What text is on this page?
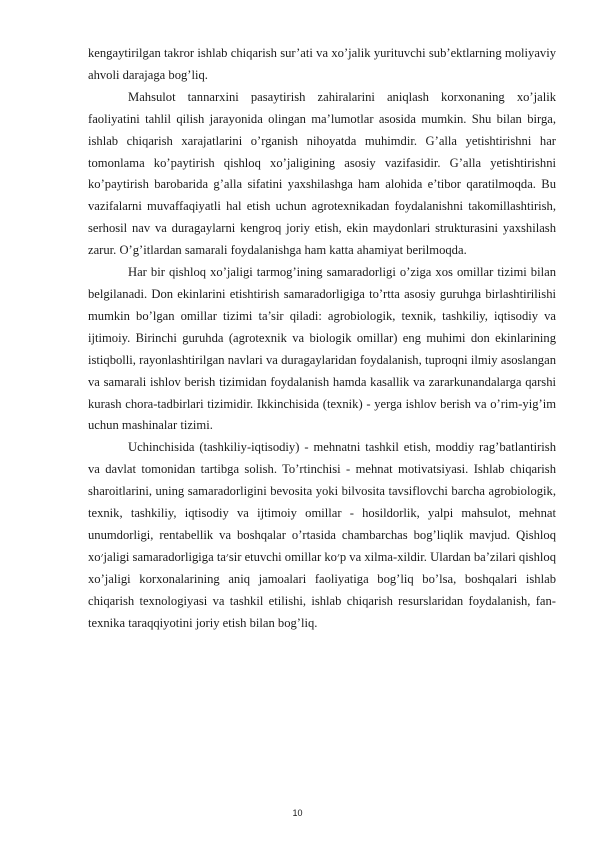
kengaytirilgan takror ishlab chiqarish sur’ati va xo’jalik yurituvchi sub’ektlarning moliyaviy ahvoli darajaga bog’liq.

Mahsulot tannarxini pasaytirish zahiralarini aniqlash korxonaning xo’jalik faoliyatini tahlil qilish jarayonida olingan ma’lumotlar asosida mumkin. Shu bilan birga, ishlab chiqarish xarajatlarini o’rganish nihoyatda muhimdir. G’alla yetishtirishni har tomonlama ko’paytirish qishloq xo’jaligining asosiy vazifasidir. G’alla yetishtirishni ko’paytirish barobarida g’alla sifatini yaxshilashga ham alohida e’tibor qaratilmoqda. Bu vazifalarni muvaffaqiyatli hal etish uchun agrotexnikadan foydalanishni takomillashtirish, serhosil nav va duragaylarni kengroq joriy etish, ekin maydonlari strukturasini yaxshilash zarur. O’g’itlardan samarali foydalanishga ham katta ahamiyat berilmoqda.

Har bir qishloq xo’jaligi tarmog’ining samaradorligi o’ziga xos omillar tizimi bilan belgilanadi. Don ekinlarini etishtirish samaradorligiga to’rtta asosiy guruhga birlashtirilishi mumkin bo’lgan omillar tizimi ta’sir qiladi: agrobiologik, texnik, tashkiliy, iqtisodiy va ijtimoiy. Birinchi guruhda (agrotexnik va biologik omillar) eng muhimi don ekinlarining istiqbolli, rayonlashtirilgan navlari va duragaylaridan foydalanish, tuproqni ilmiy asoslangan va samarali ishlov berish tizimidan foydalanish hamda kasallik va zararkunandalarga qarshi kurash chora-tadbirlari tizimidir. Ikkinchisida (texnik) - yerga ishlov berish va o’rim-yig’im uchun mashinalar tizimi.

Uchinchisida (tashkiliy-iqtisodiy) - mehnatni tashkil etish, moddiy rag’batlantirish va davlat tomonidan tartibga solish. To’rtinchisi - mehnat motivatsiyasi. Ishlab chiqarish sharoitlarini, uning samaradorligini bevosita yoki bilvosita tavsiflovchi barcha agrobiologik, texnik, tashkiliy, iqtisodiy va ijtimoiy omillar - hosildorlik, yalpi mahsulot, mehnat unumdorligi, rentabellik va boshqalar o’rtasida chambarchas bog’liqlik mavjud. Qishloq xo׳jaligi samaradorligiga ta׳sir etuvchi omillar ko׳p va xilma-xildir. Ulardan ba’zilari qishloq xo’jaligi korxonalarining aniq jamoalari faoliyatiga bog’liq bo’lsa, boshqalari ishlab chiqarish texnologiyasi va tashkil etilishi, ishlab chiqarish resurslaridan foydalanish, fan-texnika taraqqiyotini joriy etish bilan bog’liq.

10
